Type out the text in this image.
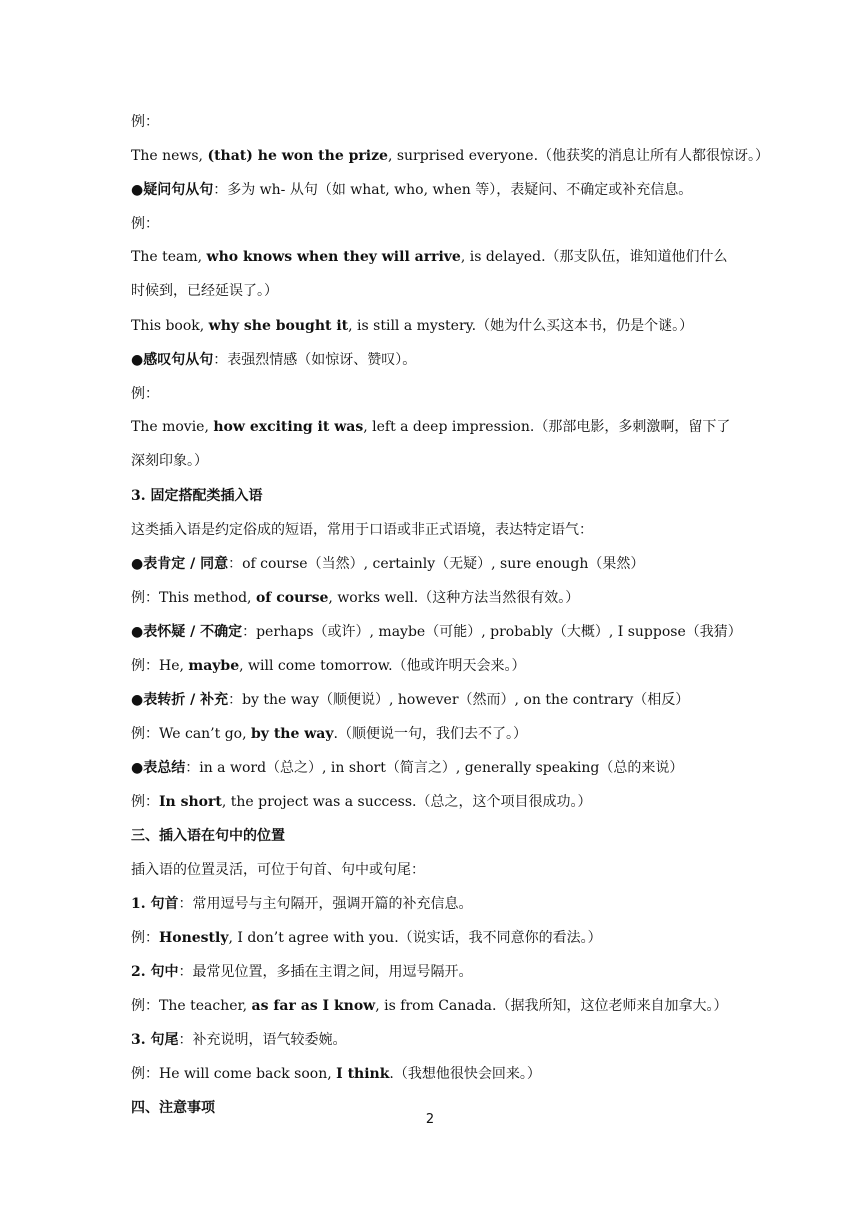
例：
The news, (that) he won the prize, surprised everyone.（他获奖的消息让所有人都很惊讶。）
●疑问句从句：多为 wh- 从句（如 what, who, when 等），表疑问、不确定或补充信息。
例：
The team, who knows when they will arrive, is delayed.（那支队伍，谁知道他们什么时候到，已经延误了。）
This book, why she bought it, is still a mystery.（她为什么买这本书，仍是个谜。）
●感叹句从句：表强烈情感（如惊讶、赞叹）。
例：
The movie, how exciting it was, left a deep impression.（那部电影，多刺激啊，留下了深刻印象。）
3. 固定搭配类插入语
这类插入语是约定俗成的短语，常用于口语或非正式语境，表达特定语气：
●表肯定 / 同意：of course（当然）, certainly（无疑）, sure enough（果然）
例：This method, of course, works well.（这种方法当然很有效。）
●表怀疑 / 不确定：perhaps（或许）, maybe（可能）, probably（大概）, I suppose（我猜）
例：He, maybe, will come tomorrow.（他或许明天会来。）
●表转折 / 补充：by the way（顺便说）, however（然而）, on the contrary（相反）
例：We can’t go, by the way.（顺便说一句，我们去不了。）
●表总结：in a word（总之）, in short（简言之）, generally speaking（总的来说）
例：In short, the project was a success.（总之，这个项目很成功。）
三、插入语在句中的位置
插入语的位置灵活，可位于句首、句中或句尾：
1. 句首：常用逗号与主句隔开，强调开篇的补充信息。
例：Honestly, I don’t agree with you.（说实话，我不同意你的看法。）
2. 句中：最常见位置，多插在主谓之间，用逗号隔开。
例：The teacher, as far as I know, is from Canada.（据我所知，这位老师来自加拿大。）
3. 句尾：补充说明，语气较委婉。
例：He will come back soon, I think.（我想他很快会回来。）
四、注意事项
2
